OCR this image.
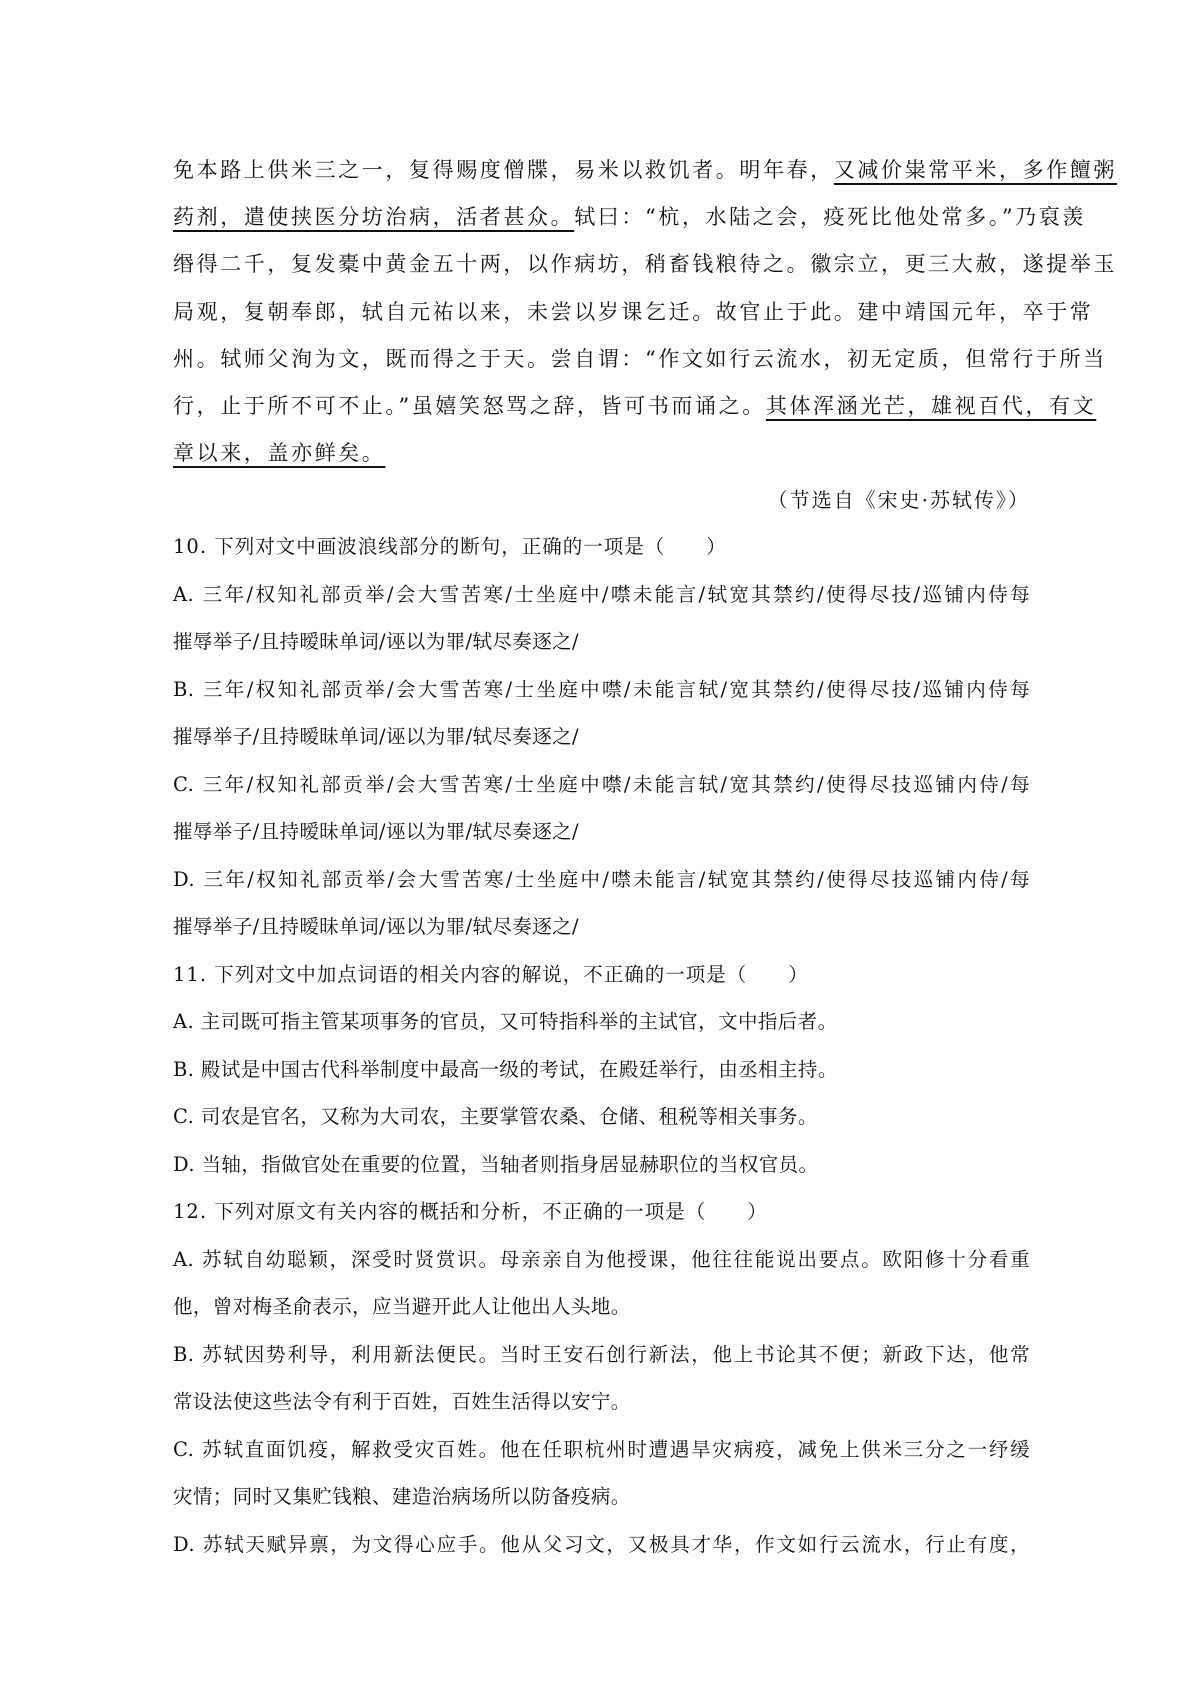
免本路上供米三之一，复得赐度僧牒，易米以救饥者。明年春，又减价粜常平米，多作饘粥

药剂，遣使挟医分坊治病，活者甚众。轼曰：“杭，水陆之会，疫死比他处常多。”乃裒羡

缗得二千，复发橐中黄金五十两，以作病坊，稍畜钱粮待之。徽宗立，更三大赦，遂提举玉

局观，复朝奉郎，轼自元祐以来，未尝以岁课乞迁。故官止于此。建中靖国元年，卒于常

州。轼师父洵为文，既而得之于天。尝自谓：“作文如行云流水，初无定质，但常行于所当

行，止于所不可不止。”虽嬉笑怒骂之辞，皆可书而诵之。其体浑涵光芒，雄视百代，有文

章以来，盖亦鲜矣。

（节选自《宋史·苏轼传》）

10. 下列对文中画波浪线部分的断句，正确的一项是（　　）

A. 三年/权知礼部贡举/会大雪苦寒/士坐庭中/噤未能言/轼宽其禁约/使得尽技/巡铺内侍每

摧辱举子/且持暧昧单词/诬以为罪/轼尽奏逐之/

B. 三年/权知礼部贡举/会大雪苦寒/士坐庭中噤/未能言轼/宽其禁约/使得尽技/巡铺内侍每

摧辱举子/且持暧昧单词/诬以为罪/轼尽奏逐之/

C. 三年/权知礼部贡举/会大雪苦寒/士坐庭中噤/未能言轼/宽其禁约/使得尽技巡铺内侍/每

摧辱举子/且持暧昧单词/诬以为罪/轼尽奏逐之/

D. 三年/权知礼部贡举/会大雪苦寒/士坐庭中/噤未能言/轼宽其禁约/使得尽技巡铺内侍/每

摧辱举子/且持暧昧单词/诬以为罪/轼尽奏逐之/

11. 下列对文中加点词语的相关内容的解说，不正确的一项是（　　）

A. 主司既可指主管某项事务的官员，又可特指科举的主试官，文中指后者。

B. 殿试是中国古代科举制度中最高一级的考试，在殿廷举行，由丞相主持。

C. 司农是官名，又称为大司农，主要掌管农桑、仓储、租税等相关事务。

D. 当轴，指做官处在重要的位置，当轴者则指身居显赫职位的当权官员。

12. 下列对原文有关内容的概括和分析，不正确的一项是（　　）

A. 苏轼自幼聪颖，深受时贤赏识。母亲亲自为他授课，他往往能说出要点。欧阳修十分看重

他，曾对梅圣俞表示，应当避开此人让他出人头地。

B. 苏轼因势利导，利用新法便民。当时王安石创行新法，他上书论其不便；新政下达，他常

常设法使这些法令有利于百姓，百姓生活得以安宁。

C. 苏轼直面饥疫，解救受灾百姓。他在任职杭州时遭遇旱灾病疫，减免上供米三分之一纾缓

灾情；同时又集贮钱粮、建造治病场所以防备疫病。

D. 苏轼天赋异禀，为文得心应手。他从父习文，又极具才华，作文如行云流水，行止有度，
